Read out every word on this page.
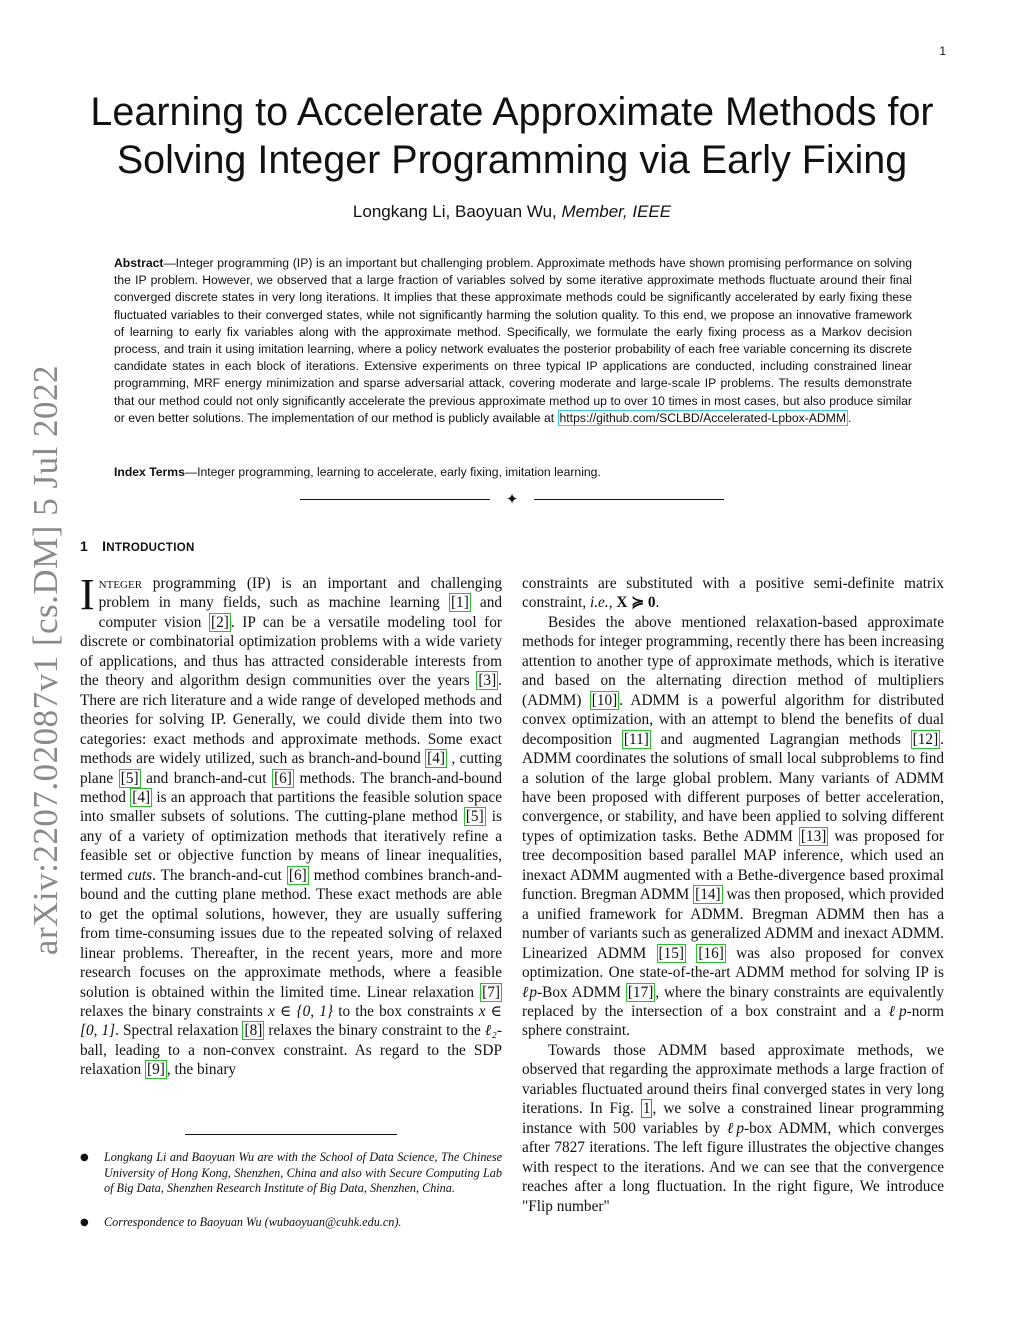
1
arXiv:2207.02087v1 [cs.DM] 5 Jul 2022
Learning to Accelerate Approximate Methods for Solving Integer Programming via Early Fixing
Longkang Li, Baoyuan Wu, Member, IEEE

Abstract—Integer programming (IP) is an important but challenging problem. Approximate methods have shown promising performance on solving the IP problem. However, we observed that a large fraction of variables solved by some iterative approximate methods fluctuate around their final converged discrete states in very long iterations. It implies that these approximate methods could be significantly accelerated by early fixing these fluctuated variables to their converged states, while not significantly harming the solution quality. To this end, we propose an innovative framework of learning to early fix variables along with the approximate method. Specifically, we formulate the early fixing process as a Markov decision process, and train it using imitation learning, where a policy network evaluates the posterior probability of each free variable concerning its discrete candidate states in each block of iterations. Extensive experiments on three typical IP applications are conducted, including constrained linear programming, MRF energy minimization and sparse adversarial attack, covering moderate and large-scale IP problems. The results demonstrate that our method could not only significantly accelerate the previous approximate method up to over 10 times in most cases, but also produce similar or even better solutions. The implementation of our method is publicly available at https://github.com/SCLBD/Accelerated-Lpbox-ADMM .

Index Terms—Integer programming, learning to accelerate, early fixing, imitation learning.

✦
1 INTRODUCTION

Integer programming (IP) is an important and challenging problem in many fields, such as machine learning [1] and computer vision [2] . IP can be a versatile modeling tool for discrete or combinatorial optimization problems with a wide variety of applications, and thus has attracted considerable interests from the theory and algorithm design communities over the years [3] . There are rich literature and a wide range of developed methods and theories for solving IP. Generally, we could divide them into two categories: exact methods and approximate methods. Some exact methods are widely utilized, such as branch-and-bound [4] , cutting plane [5] and branch-and-cut [6] methods. The branch-and-bound method [4] is an approach that partitions the feasible solution space into smaller subsets of solutions. The cutting-plane method [5] is any of a variety of optimization methods that iteratively refine a feasible set or objective function by means of linear inequalities, termed cuts. The branch-and-cut [6] method combines branch-and-bound and the cutting plane method. These exact methods are able to get the optimal solutions, however, they are usually suffering from time-consuming issues due to the repeated solving of relaxed linear problems. Thereafter, in the recent years, more and more research focuses on the approximate methods, where a feasible solution is obtained within the limited time. Linear relaxation [7] relaxes the binary constraints x ∈ {0, 1} to the box constraints x ∈ [0, 1]. Spectral relaxation [8] relaxes the binary constraint to the ℓ₂-ball, leading to a non-convex constraint. As regard to the SDP relaxation [9] , the binary

constraints are substituted with a positive semi-definite matrix constraint, i.e., X ≽ 0.

Besides the above mentioned relaxation-based approximate methods for integer programming, recently there has been increasing attention to another type of approximate methods, which is iterative and based on the alternating direction method of multipliers (ADMM) [10] . ADMM is a powerful algorithm for distributed convex optimization, with an attempt to blend the benefits of dual decomposition [11] and augmented Lagrangian methods [12] . ADMM coordinates the solutions of small local subproblems to find a solution of the large global problem. Many variants of ADMM have been proposed with different purposes of better acceleration, convergence, or stability, and have been applied to solving different types of optimization tasks. Bethe ADMM [13] was proposed for tree decomposition based parallel MAP inference, which used an inexact ADMM augmented with a Bethe-divergence based proximal function. Bregman ADMM [14] was then proposed, which provided a unified framework for ADMM. Bregman ADMM then has a number of variants such as generalized ADMM and inexact ADMM. Linearized ADMM [15] [16] was also proposed for convex optimization. One state-of-the-art ADMM method for solving IP is ℓp-Box ADMM [17] , where the binary constraints are equivalently replaced by the intersection of a box constraint and a ℓp-norm sphere constraint.

Towards those ADMM based approximate methods, we observed that regarding the approximate methods a large fraction of variables fluctuated around theirs final converged states in very long iterations. In Fig. 1 , we solve a constrained linear programming instance with 500 variables by ℓp-box ADMM, which converges after 7827 iterations. The left figure illustrates the objective changes with respect to the iterations. And we can see that the convergence reaches after a long fluctuation. In the right figure, We introduce "Flip number"

● Longkang Li and Baoyuan Wu are with the School of Data Science, The Chinese University of Hong Kong, Shenzhen, China and also with Secure Computing Lab of Big Data, Shenzhen Research Institute of Big Data, Shenzhen, China.

● Correspondence to Baoyuan Wu (wubaoyuan@cuhk.edu.cn).
